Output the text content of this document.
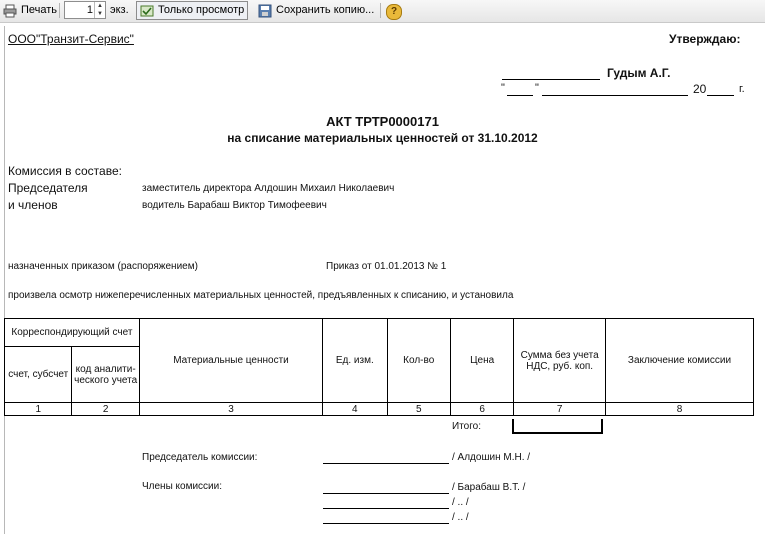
Печать	1 ▲
▼ экз.	Только просмотр	Сохранить копию...	?
ООО"Транзит-Сервис"	Утверждаю:
Гудым А.Г.
"	"	20	г.
АКТ ТРТР0000171
на списание материальных ценностей от 31.10.2012
Комиссия в составе:
Председателя	заместитель директора Алдошин Михаил Николаевич
и членов	водитель Барабаш Виктор Тимофеевич
назначенных приказом (распоряжением)	Приказ от 01.01.2013 № 1
произвела осмотр нижеперечисленных материальных ценностей, предъявленных к списанию, и установила
Корреспондирующий счет		Материальные ценности	Ед. изм.	Кол-во	Цена	Сумма без учета НДС, руб. коп.	Заключение комиссии
счет, субсчет	код аналити-ческого учета						
1	2	3	4	5	6	7	8
Итого:
Председатель комиссии:	/ Алдошин М.Н. /
Члены комиссии:	/ Барабаш В.Т. /
/ .. /
/ .. /
